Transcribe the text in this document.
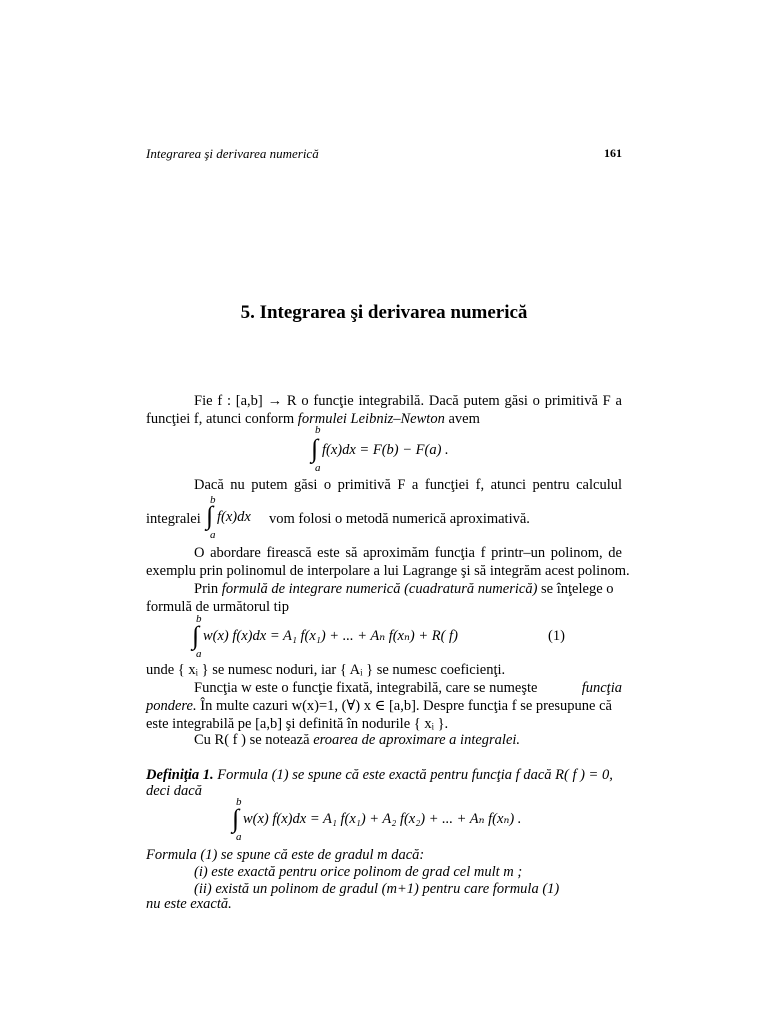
Integrarea şi derivarea numerică	161
5. Integrarea şi derivarea numerică
Fie f : [a,b] → R o funcţie integrabilă. Dacă putem găsi o primitivă F a
funcţiei f, atunci conform formulei Leibniz–Newton avem
b
∫ f(x)dx = F(b) − F(a) .
a
Dacă nu putem găsi o primitivă F a funcţiei f, atunci pentru calculul
integralei
b
∫ f(x)dx
a
vom folosi o metodă numerică aproximativă.
O abordare firească este să aproximăm funcţia f printr–un polinom, de
exemplu prin polinomul de interpolare a lui Lagrange şi să integrăm acest polinom.
Prin formulă de integrare numerică (cuadratură numerică) se înţelege o
formulă de următorul tip
b
∫ w(x) f(x)dx = A₁ f(x₁) + ... + Aₙ f(xₙ) + R( f)	(1)
a
unde { xᵢ } se numesc noduri, iar { Aᵢ } se numesc coeficienţi.
Funcţia w este o funcţie fixată, integrabilă, care se numeşte	funcţia
pondere. În multe cazuri w(x)=1, (∀) x ∈ [a,b]. Despre funcţia f se presupune că
este integrabilă pe [a,b] şi definită în nodurile { xᵢ }.
Cu R( f ) se notează eroarea de aproximare a integralei.
Definiţia 1. Formula (1) se spune că este exactă pentru funcţia f dacă R( f ) = 0,
deci dacă
b
∫ w(x) f(x)dx = A₁ f(x₁) + A₂ f(x₂) + ... + Aₙ f(xₙ) .
a
Formula (1) se spune că este de gradul m dacă:
(i) este exactă pentru orice polinom de grad cel mult m ;
(ii) există un polinom de gradul (m+1) pentru care formula (1)
nu este exactă.
